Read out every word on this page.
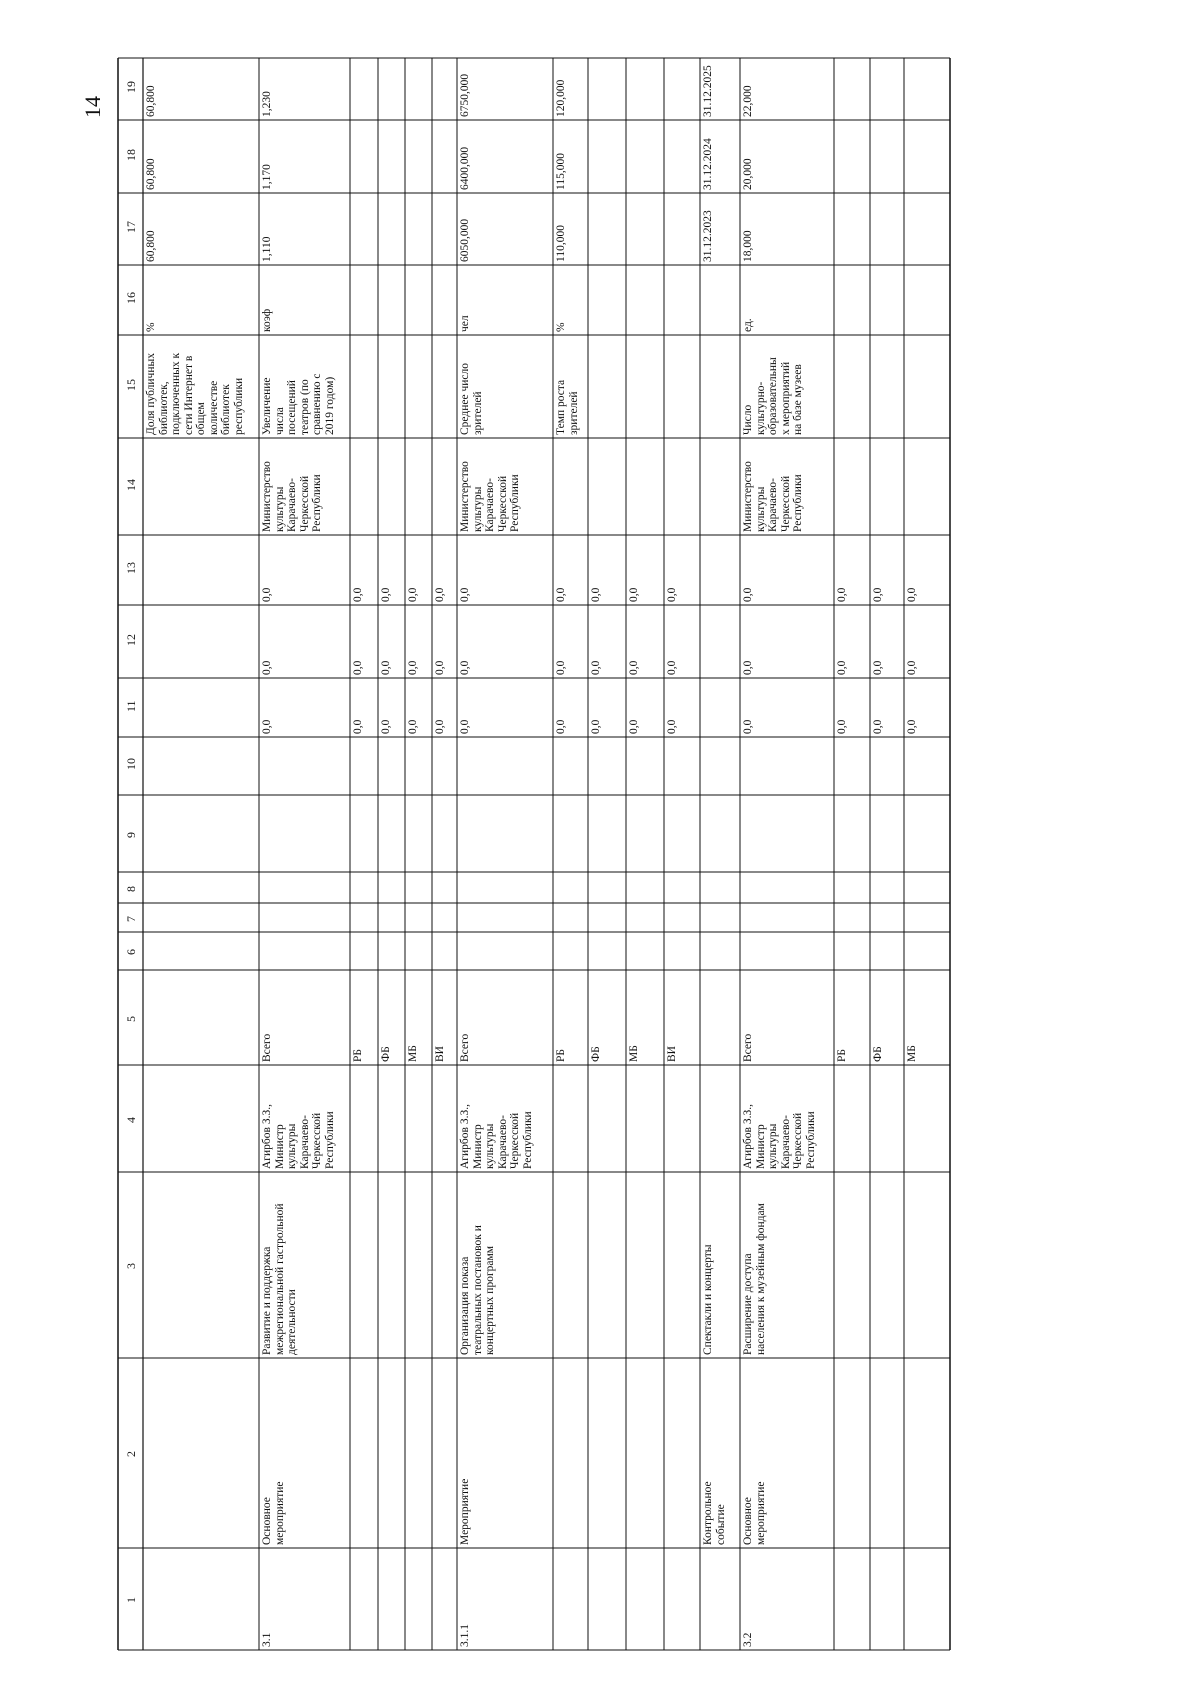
14
1
2
3
4
5
6
7
8
9
10
11
12
13
14
15
16
17
18
19
Доля публичных
библиотек,
подключенных к
сети Интернет в
общем
количестве
библиотек
республики
%
60,800
60,800
60,800
3.1
Основное
мероприятие
Развитие и поддержка
межрегиональной гастрольной
деятельности
Агирбов З.З.,
Министр
культуры
Карачаево-
Черкесской
Республики
Всего
0,0
0,0
0,0
Министерство
культуры
Карачаево-
Черкесской
Республики
Увеличение
числа
посещений
театров (по
сравнению с
2019 годом)
коэф
1,110
1,170
1,230
РБ
0,0
0,0
0,0
ФБ
0,0
0,0
0,0
МБ
0,0
0,0
0,0
ВИ
0,0
0,0
0,0
3.1.1
Мероприятие
Организация показа
театральных постановок и
концертных программ
Агирбов З.З.,
Министр
культуры
Карачаево-
Черкесской
Республики
Всего
0,0
0,0
0,0
Министерство
культуры
Карачаево-
Черкесской
Республики
Среднее число
зрителей
чел
6050,000
6400,000
6750,000
РБ
0,0
0,0
0,0
Темп роста
зрителей
%
110,000
115,000
120,000
ФБ
0,0
0,0
0,0
МБ
0,0
0,0
0,0
ВИ
0,0
0,0
0,0
Контрольное
событие
Спектакли и концерты
31.12.2023
31.12.2024
31.12.2025
3.2
Основное
мероприятие
Расширение доступа
населения к музейным фондам
Агирбов З.З.,
Министр
культуры
Карачаево-
Черкесской
Республики
Всего
0,0
0,0
0,0
Министерство
культуры
Карачаево-
Черкесской
Республики
Число
культурно-
образовательны
х мероприятий
на базе музеев
ед.
18,000
20,000
22,000
РБ
0,0
0,0
0,0
ФБ
0,0
0,0
0,0
МБ
0,0
0,0
0,0
